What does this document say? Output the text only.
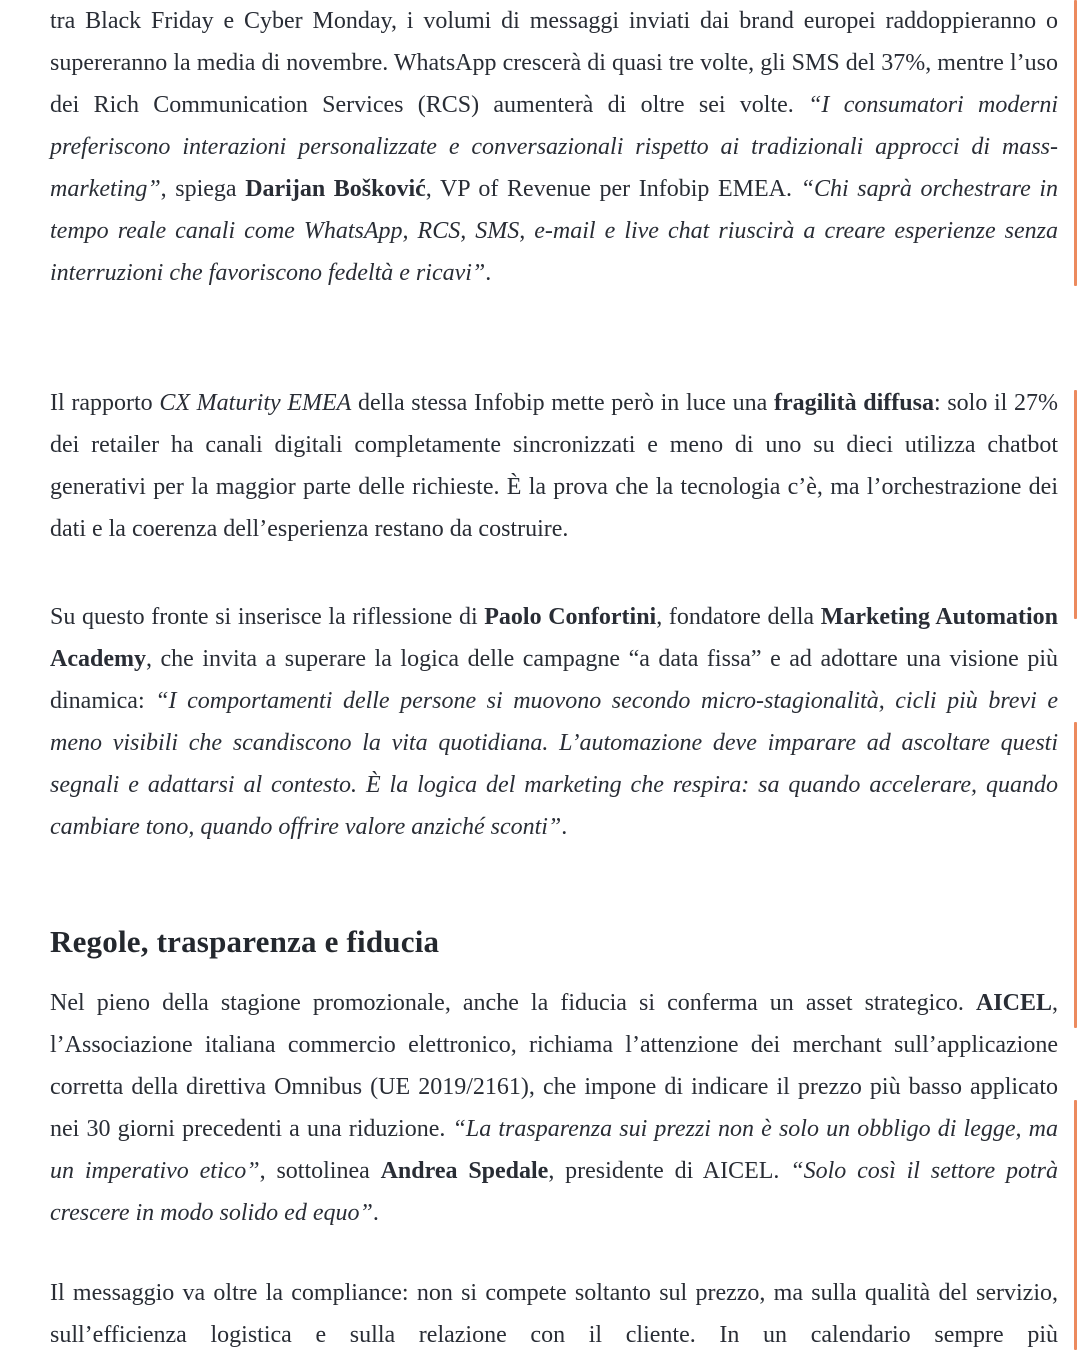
tra Black Friday e Cyber Monday, i volumi di messaggi inviati dai brand europei raddoppieranno o supereranno la media di novembre. WhatsApp crescerà di quasi tre volte, gli SMS del 37%, mentre l’uso dei Rich Communication Services (RCS) aumenterà di oltre sei volte. “I consumatori moderni preferiscono interazioni personalizzate e conversazionali rispetto ai tradizionali approcci di mass-marketing”, spiega Darijan Bošković, VP of Revenue per Infobip EMEA. “Chi saprà orchestrare in tempo reale canali come WhatsApp, RCS, SMS, e-mail e live chat riuscirà a creare esperienze senza interruzioni che favoriscono fedeltà e ricavi”.

Il rapporto CX Maturity EMEA della stessa Infobip mette però in luce una fragilità diffusa: solo il 27% dei retailer ha canali digitali completamente sincronizzati e meno di uno su dieci utilizza chatbot generativi per la maggior parte delle richieste. È la prova che la tecnologia c’è, ma l’orchestrazione dei dati e la coerenza dell’esperienza restano da costruire.

Su questo fronte si inserisce la riflessione di Paolo Confortini, fondatore della Marketing Automation Academy, che invita a superare la logica delle campagne “a data fissa” e ad adottare una visione più dinamica: “I comportamenti delle persone si muovono secondo micro-stagionalità, cicli più brevi e meno visibili che scandiscono la vita quotidiana. L’automazione deve imparare ad ascoltare questi segnali e adattarsi al contesto. È la logica del marketing che respira: sa quando accelerare, quando cambiare tono, quando offrire valore anziché sconti”.

Regole, trasparenza e fiducia

Nel pieno della stagione promozionale, anche la fiducia si conferma un asset strategico. AICEL, l’Associazione italiana commercio elettronico, richiama l’attenzione dei merchant sull’applicazione corretta della direttiva Omnibus (UE 2019/2161), che impone di indicare il prezzo più basso applicato nei 30 giorni precedenti a una riduzione. “La trasparenza sui prezzi non è solo un obbligo di legge, ma un imperativo etico”, sottolinea Andrea Spedale, presidente di AICEL. “Solo così il settore potrà crescere in modo solido ed equo”.

Il messaggio va oltre la compliance: non si compete soltanto sul prezzo, ma sulla qualità del servizio, sull’efficienza logistica e sulla relazione con il cliente. In un calendario sempre più
